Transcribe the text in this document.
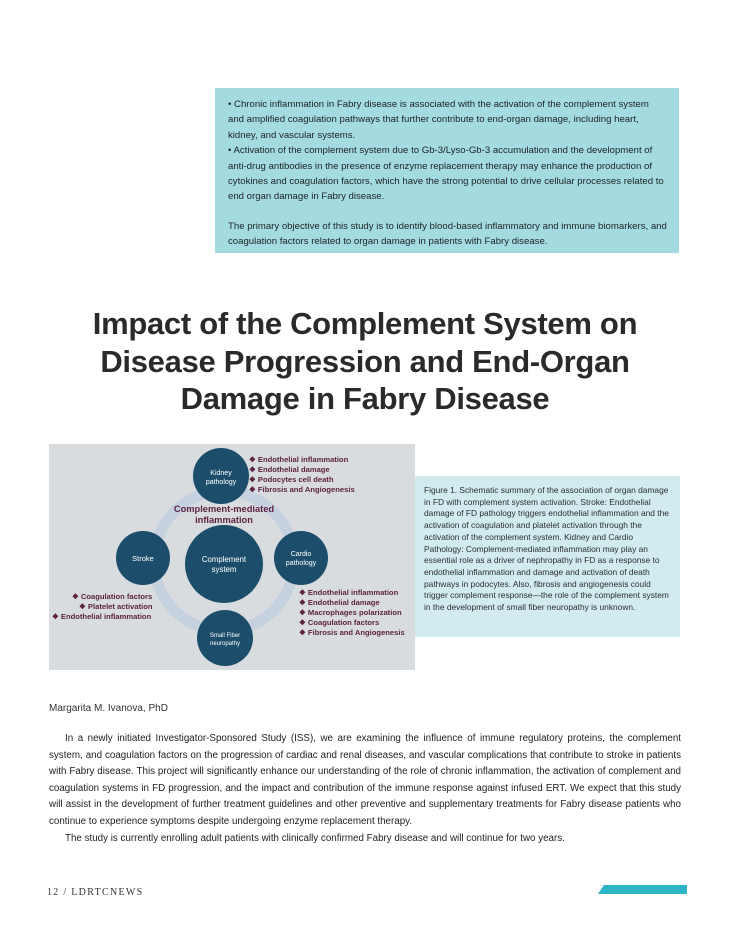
• Chronic inflammation in Fabry disease is associated with the activation of the complement system and amplified coagulation pathways that further contribute to end-organ damage, including heart, kidney, and vascular systems.

• Activation of the complement system due to Gb-3/Lyso-Gb-3 accumulation and the development of anti-drug antibodies in the presence of enzyme replacement therapy may enhance the production of cytokines and coagulation factors, which have the strong potential to drive cellular processes related to end organ damage in Fabry disease.

The primary objective of this study is to identify blood-based inflammatory and immune biomarkers, and coagulation factors related to organ damage in patients with Fabry disease.

Impact of the Complement System on Disease Progression and End-Organ Damage in Fabry Disease
Complement-mediated
inflammation
Complement
system
Kidney
pathology
Cardio
pathology
Stroke
Small Fiber
neuropathy
❖ Endothelial inflammation
❖ Endothelial damage
❖ Podocytes cell death
❖ Fibrosis and Angiogenesis
❖ Endothelial inflammation
❖ Endothelial damage
❖ Macrophages polarization
❖ Coagulation factors
❖ Fibrosis and Angiogenesis
❖ Coagulation factors
❖ Platelet activation
❖ Endothelial inflammation
Figure 1. Schematic summary of the association of organ damage in FD with complement system activation. Stroke: Endothelial damage of FD pathology triggers endothelial inflammation and the activation of coagulation and platelet activation through the activation of the complement system. Kidney and Cardio Pathology: Complement-mediated inflammation may play an essential role as a driver of nephropathy in FD as a response to endothelial inflammation and damage and activation of death pathways in podocytes. Also, fibrosis and angiogenesis could trigger complement response—the role of the complement system in the development of small fiber neuropathy is unknown.
Margarita M. Ivanova, PhD

In a newly initiated Investigator-Sponsored Study (ISS), we are examining the influence of immune regulatory proteins, the complement system, and coagulation factors on the progression of cardiac and renal diseases, and vascular complications that contribute to stroke in patients with Fabry disease. This project will significantly enhance our understanding of the role of chronic inflammation, the activation of complement and coagulation systems in FD progression, and the impact and contribution of the immune response against infused ERT. We expect that this study will assist in the development of further treatment guidelines and other preventive and supplementary treatments for Fabry disease patients who continue to experience symptoms despite undergoing enzyme replacement therapy.

The study is currently enrolling adult patients with clinically confirmed Fabry disease and will continue for two years.

12 / LDRTCNEWS
